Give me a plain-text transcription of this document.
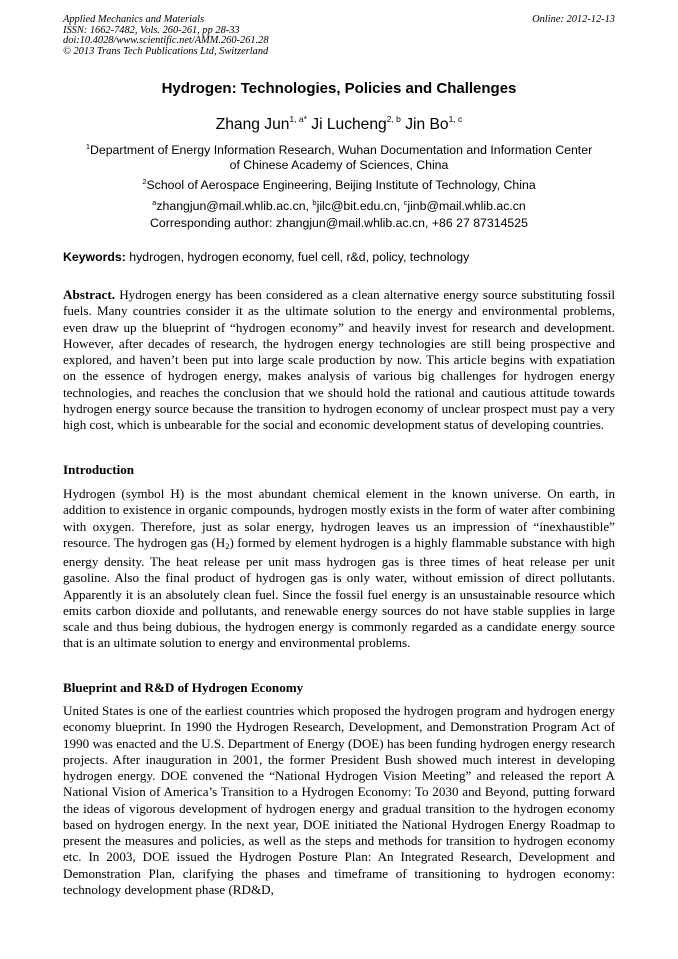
Applied Mechanics and Materials
ISSN: 1662-7482, Vols. 260-261, pp 28-33
doi:10.4028/www.scientific.net/AMM.260-261.28
© 2013 Trans Tech Publications Ltd, Switzerland
Online: 2012-12-13
Hydrogen: Technologies, Policies and Challenges
Zhang Jun$^{1, a*}$ Ji Lucheng$^{2, b}$ Jin Bo$^{1, c}$
$^1$Department of Energy Information Research, Wuhan Documentation and Information Center
of Chinese Academy of Sciences, China
$^2$School of Aerospace Engineering, Beijing Institute of Technology, China
$^a$zhangjun@mail.whlib.ac.cn, $^b$jilc@bit.edu.cn, $^c$jinb@mail.whlib.ac.cn
Corresponding author: zhangjun@mail.whlib.ac.cn, +86 27 87314525
Keywords: hydrogen, hydrogen economy, fuel cell, r&d, policy, technology

Abstract. Hydrogen energy has been considered as a clean alternative energy source substituting fossil fuels. Many countries consider it as the ultimate solution to the energy and environmental problems, even draw up the blueprint of “hydrogen economy” and heavily invest for research and development. However, after decades of research, the hydrogen energy technologies are still being prospective and explored, and haven’t been put into large scale production by now. This article begins with expatiation on the essence of hydrogen energy, makes analysis of various big challenges for hydrogen energy technologies, and reaches the conclusion that we should hold the rational and cautious attitude towards hydrogen energy source because the transition to hydrogen economy of unclear prospect must pay a very high cost, which is unbearable for the social and economic development status of developing countries.

Introduction

Hydrogen (symbol H) is the most abundant chemical element in the known universe. On earth, in addition to existence in organic compounds, hydrogen mostly exists in the form of water after combining with oxygen. Therefore, just as solar energy, hydrogen leaves us an impression of “inexhaustible” resource. The hydrogen gas $(H_2)$ formed by element hydrogen is a highly flammable substance with high energy density. The heat release per unit mass hydrogen gas is three times of heat release per unit gasoline. Also the final product of hydrogen gas is only water, without emission of direct pollutants. Apparently it is an absolutely clean fuel. Since the fossil fuel energy is an unsustainable resource which emits carbon dioxide and pollutants, and renewable energy sources do not have stable supplies in large scale and thus being dubious, the hydrogen energy is commonly regarded as a candidate energy source that is an ultimate solution to energy and environmental problems.

Blueprint and R&D of Hydrogen Economy

United States is one of the earliest countries which proposed the hydrogen program and hydrogen energy economy blueprint. In 1990 the Hydrogen Research, Development, and Demonstration Program Act of 1990 was enacted and the U.S. Department of Energy (DOE) has been funding hydrogen energy research projects. After inauguration in 2001, the former President Bush showed much interest in developing hydrogen energy. DOE convened the “National Hydrogen Vision Meeting” and released the report A National Vision of America’s Transition to a Hydrogen Economy: To 2030 and Beyond, putting forward the ideas of vigorous development of hydrogen energy and gradual transition to the hydrogen economy based on hydrogen energy. In the next year, DOE initiated the National Hydrogen Energy Roadmap to present the measures and policies, as well as the steps and methods for transition to hydrogen economy etc. In 2003, DOE issued the Hydrogen Posture Plan: An Integrated Research, Development and Demonstration Plan, clarifying the phases and timeframe of transitioning to hydrogen economy: technology development phase (RD&D,
